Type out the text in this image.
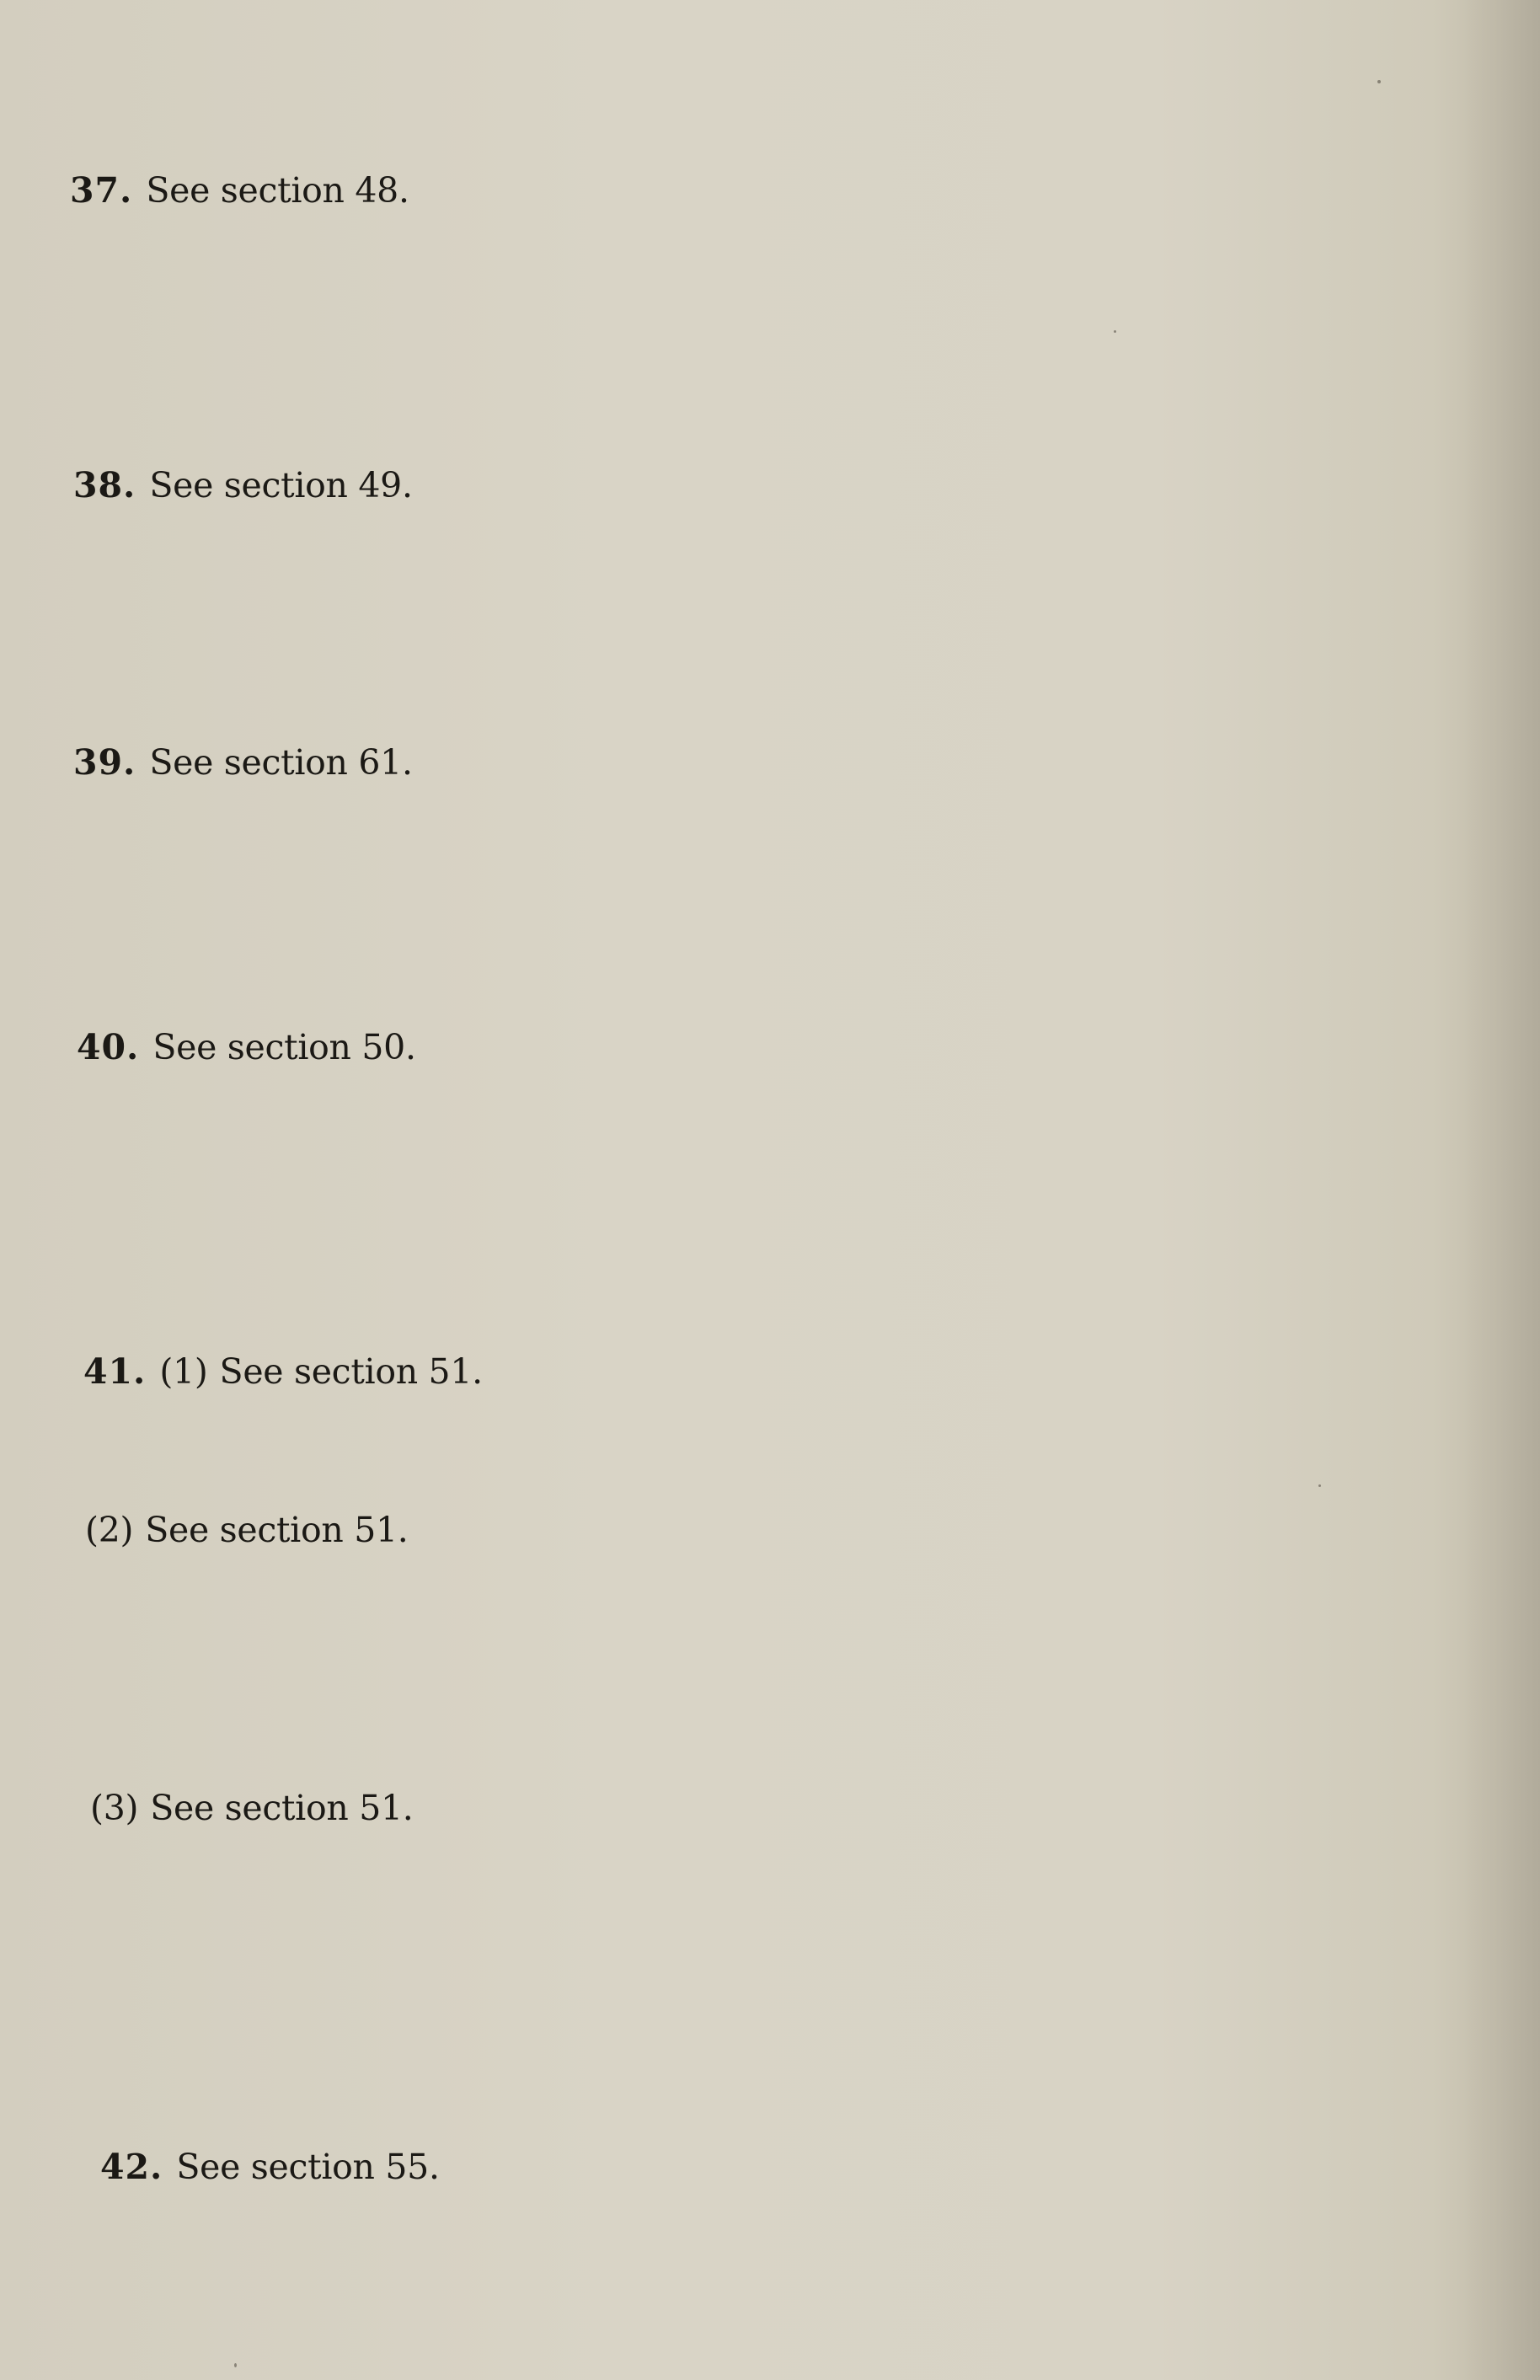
37. See section 48.

38. See section 49.

39. See section 61.

40. See section 50.

41. (1) See section 51.

(2) See section 51.

(3) See section 51.

42. See section 55.
